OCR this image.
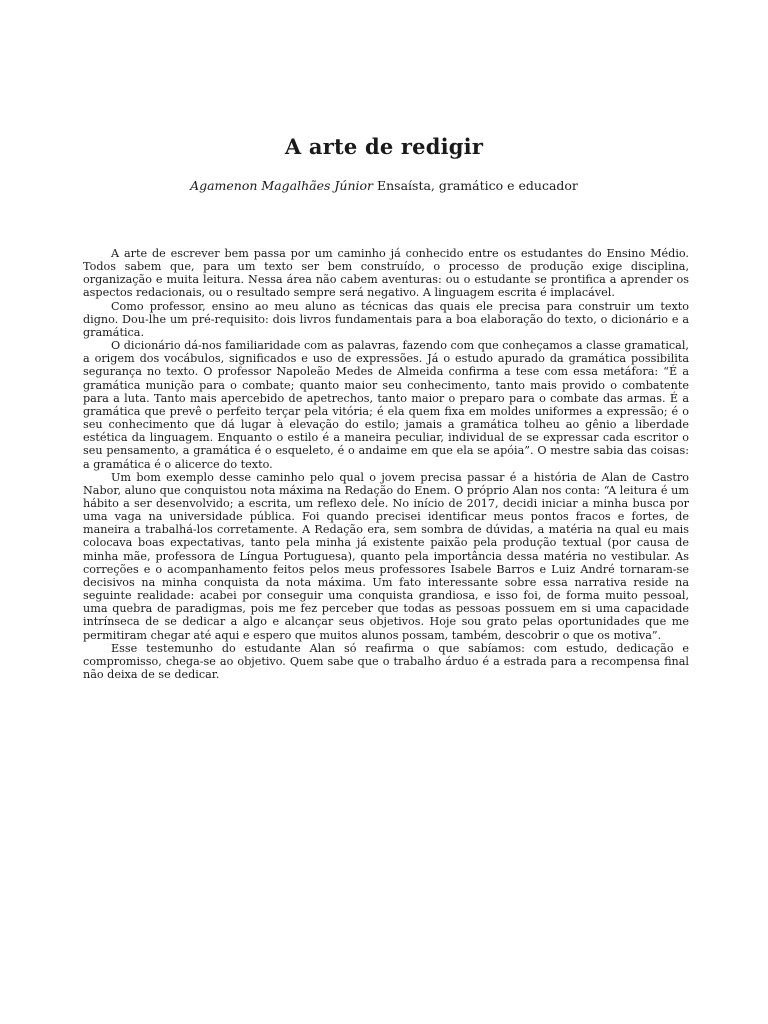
A arte de redigir
Agamenon Magalhães Júnior Ensaísta, gramático e educador

A arte de escrever bem passa por um caminho já conhecido entre os estudantes do Ensino Médio. Todos sabem que, para um texto ser bem construído, o processo de produção exige disciplina, organização e muita leitura. Nessa área não cabem aventuras: ou o estudante se prontifica a aprender os aspectos redacionais, ou o resultado sempre será negativo. A linguagem escrita é implacável.

Como professor, ensino ao meu aluno as técnicas das quais ele precisa para construir um texto digno. Dou-lhe um pré-requisito: dois livros fundamentais para a boa elaboração do texto, o dicionário e a gramática.

O dicionário dá-nos familiaridade com as palavras, fazendo com que conheçamos a classe gramatical, a origem dos vocábulos, significados e uso de expressões. Já o estudo apurado da gramática possibilita segurança no texto. O professor Napoleão Medes de Almeida confirma a tese com essa metáfora: “É a gramática munição para o combate; quanto maior seu conhecimento, tanto mais provido o combatente para a luta. Tanto mais apercebido de apetrechos, tanto maior o preparo para o combate das armas. É a gramática que prevê o perfeito terçar pela vitória; é ela quem fixa em moldes uniformes a expressão; é o seu conhecimento que dá lugar à elevação do estilo; jamais a gramática tolheu ao gênio a liberdade estética da linguagem. Enquanto o estilo é a maneira peculiar, individual de se expressar cada escritor o seu pensamento, a gramática é o esqueleto, é o andaime em que ela se apóia”. O mestre sabia das coisas: a gramática é o alicerce do texto.

Um bom exemplo desse caminho pelo qual o jovem precisa passar é a história de Alan de Castro Nabor, aluno que conquistou nota máxima na Redação do Enem. O próprio Alan nos conta: “A leitura é um hábito a ser desenvolvido; a escrita, um reflexo dele. No início de 2017, decidi iniciar a minha busca por uma vaga na universidade pública. Foi quando precisei identificar meus pontos fracos e fortes, de maneira a trabalhá-los corretamente. A Redação era, sem sombra de dúvidas, a matéria na qual eu mais colocava boas expectativas, tanto pela minha já existente paixão pela produção textual (por causa de minha mãe, professora de Língua Portuguesa), quanto pela importância dessa matéria no vestibular. As correções e o acompanhamento feitos pelos meus professores Isabele Barros e Luiz André tornaram-se decisivos na minha conquista da nota máxima. Um fato interessante sobre essa narrativa reside na seguinte realidade: acabei por conseguir uma conquista grandiosa, e isso foi, de forma muito pessoal, uma quebra de paradigmas, pois me fez perceber que todas as pessoas possuem em si uma capacidade intrínseca de se dedicar a algo e alcançar seus objetivos. Hoje sou grato pelas oportunidades que me permitiram chegar até aqui e espero que muitos alunos possam, também, descobrir o que os motiva”.

Esse testemunho do estudante Alan só reafirma o que sabíamos: com estudo, dedicação e compromisso, chega-se ao objetivo. Quem sabe que o trabalho árduo é a estrada para a recompensa final não deixa de se dedicar.
